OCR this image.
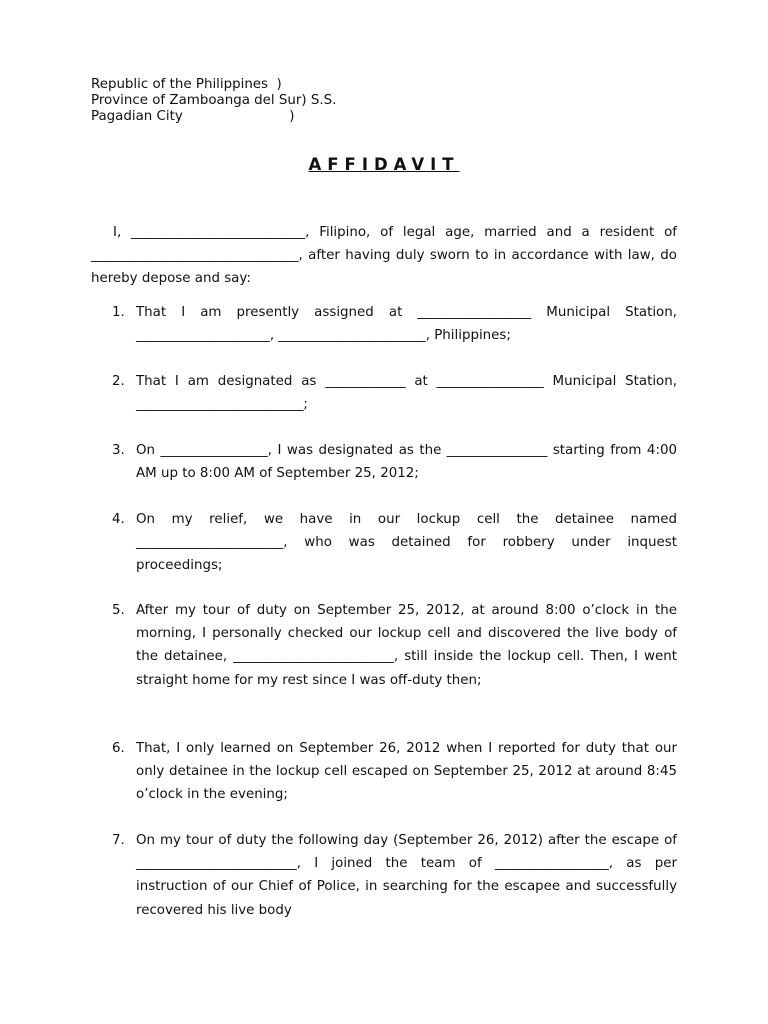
Republic of the Philippines  )
Province of Zamboanga del Sur) S.S.
Pagadian City                         )
AFFIDAVIT

I, __________________________, Filipino, of legal age, married and a resident of _______________________________, after having duly sworn to in accordance with law, do hereby depose and say:

1. That I am presently assigned at _________________ Municipal Station, ____________________, ______________________, Philippines;
2. That I am designated as ____________ at ________________ Municipal Station, _________________________;
3. On ________________, I was designated as the _______________ starting from 4:00 AM up to 8:00 AM of September 25, 2012;
4. On my relief, we have in our lockup cell the detainee named ______________________, who was detained for robbery under inquest proceedings;
5. After my tour of duty on September 25, 2012, at around 8:00 o’clock in the morning, I personally checked our lockup cell and discovered the live body of the detainee, ________________________, still inside the lockup cell. Then, I went straight home for my rest since I was off-duty then;
6. That, I only learned on September 26, 2012 when I reported for duty that our only detainee in the lockup cell escaped on September 25, 2012 at around 8:45 o’clock in the evening;
7. On my tour of duty the following day (September 26, 2012) after the escape of ________________________, I joined the team of _________________, as per instruction of our Chief of Police, in searching for the escapee and successfully recovered his live body
